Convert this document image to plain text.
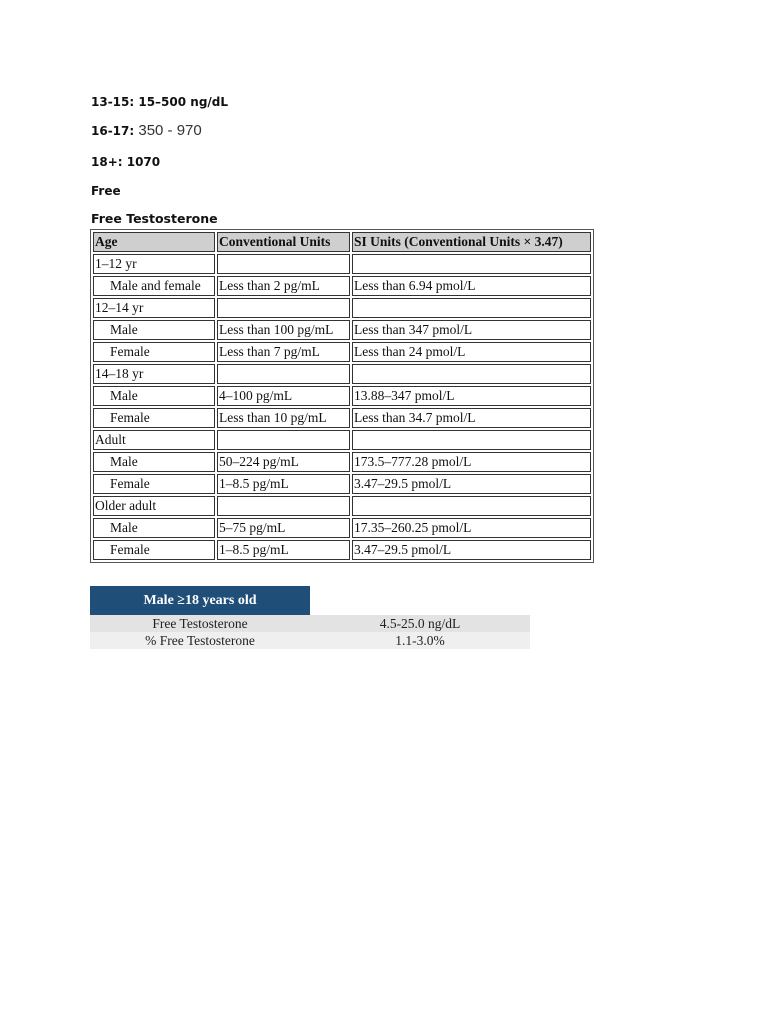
13-15: 15–500 ng/dL
16-17: 350 - 970
18+: 1070
Free
Free Testosterone
Age	Conventional Units	SI Units (Conventional Units × 3.47)
1–12 yr		
Male and female	Less than 2 pg/mL	Less than 6.94 pmol/L
12–14 yr		
Male	Less than 100 pg/mL	Less than 347 pmol/L
Female	Less than 7 pg/mL	Less than 24 pmol/L
14–18 yr		
Male	4–100 pg/mL	13.88–347 pmol/L
Female	Less than 10 pg/mL	Less than 34.7 pmol/L
Adult		
Male	50–224 pg/mL	173.5–777.28 pmol/L
Female	1–8.5 pg/mL	3.47–29.5 pmol/L
Older adult		
Male	5–75 pg/mL	17.35–260.25 pmol/L
Female	1–8.5 pg/mL	3.47–29.5 pmol/L
Male ≥18 years old	
Free Testosterone	4.5-25.0 ng/dL
% Free Testosterone	1.1-3.0%
